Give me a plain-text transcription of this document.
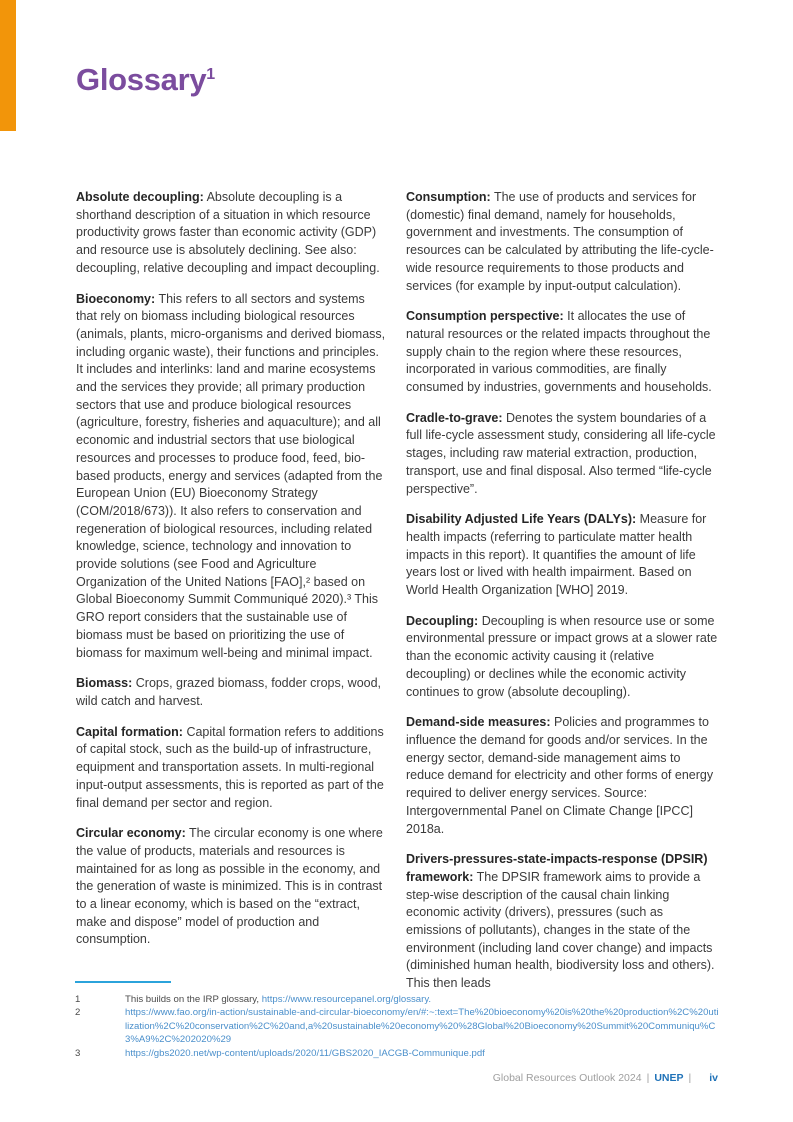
Glossary$^1$

Absolute decoupling: Absolute decoupling is a shorthand description of a situation in which resource productivity grows faster than economic activity (GDP) and resource use is absolutely declining. See also: decoupling, relative decoupling and impact decoupling.

Bioeconomy: This refers to all sectors and systems that rely on biomass including biological resources (animals, plants, micro-organisms and derived biomass, including organic waste), their functions and principles. It includes and interlinks: land and marine ecosystems and the services they provide; all primary production sectors that use and produce biological resources (agriculture, forestry, fisheries and aquaculture); and all economic and industrial sectors that use biological resources and processes to produce food, feed, bio-based products, energy and services (adapted from the European Union (EU) Bioeconomy Strategy (COM/2018/673)). It also refers to conservation and regeneration of biological resources, including related knowledge, science, technology and innovation to provide solutions (see Food and Agriculture Organization of the United Nations [FAO],² based on Global Bioeconomy Summit Communiqué 2020).³ This GRO report considers that the sustainable use of biomass must be based on prioritizing the use of biomass for maximum well-being and minimal impact.

Biomass: Crops, grazed biomass, fodder crops, wood, wild catch and harvest.

Capital formation: Capital formation refers to additions of capital stock, such as the build-up of infrastructure, equipment and transportation assets. In multi-regional input-output assessments, this is reported as part of the final demand per sector and region.

Circular economy: The circular economy is one where the value of products, materials and resources is maintained for as long as possible in the economy, and the generation of waste is minimized. This is in contrast to a linear economy, which is based on the “extract, make and dispose” model of production and consumption.

Consumption: The use of products and services for (domestic) final demand, namely for households, government and investments. The consumption of resources can be calculated by attributing the life-cycle-wide resource requirements to those products and services (for example by input-output calculation).

Consumption perspective: It allocates the use of natural resources or the related impacts throughout the supply chain to the region where these resources, incorporated in various commodities, are finally consumed by industries, governments and households.

Cradle-to-grave: Denotes the system boundaries of a full life-cycle assessment study, considering all life-cycle stages, including raw material extraction, production, transport, use and final disposal. Also termed “life-cycle perspective”.

Disability Adjusted Life Years (DALYs): Measure for health impacts (referring to particulate matter health impacts in this report). It quantifies the amount of life years lost or lived with health impairment. Based on World Health Organization [WHO] 2019.

Decoupling: Decoupling is when resource use or some environmental pressure or impact grows at a slower rate than the economic activity causing it (relative decoupling) or declines while the economic activity continues to grow (absolute decoupling).

Demand-side measures: Policies and programmes to influence the demand for goods and/or services. In the energy sector, demand-side management aims to reduce demand for electricity and other forms of energy required to deliver energy services. Source: Intergovernmental Panel on Climate Change [IPCC] 2018a.

Drivers-pressures-state-impacts-response (DPSIR) framework: The DPSIR framework aims to provide a step-wise description of the causal chain linking economic activity (drivers), pressures (such as emissions of pollutants), changes in the state of the environment (including land cover change) and impacts (diminished human health, biodiversity loss and others). This then leads

1	This builds on the IRP glossary, https://www.resourcepanel.org/glossary.
2	https://www.fao.org/in-action/sustainable-and-circular-bioeconomy/en/#:~:text=The%20bioeconomy%20is%20the%20production%2C%20utilization%2C%20conservation%2C%20and,a%20sustainable%20economy%20%28Global%20Bioeconomy%20Summit%20Communiqu%C3%A9%2C%202020%29
3	https://gbs2020.net/wp-content/uploads/2020/11/GBS2020_IACGB-Communique.pdf
Global Resources Outlook 2024 | UNEP | iv
